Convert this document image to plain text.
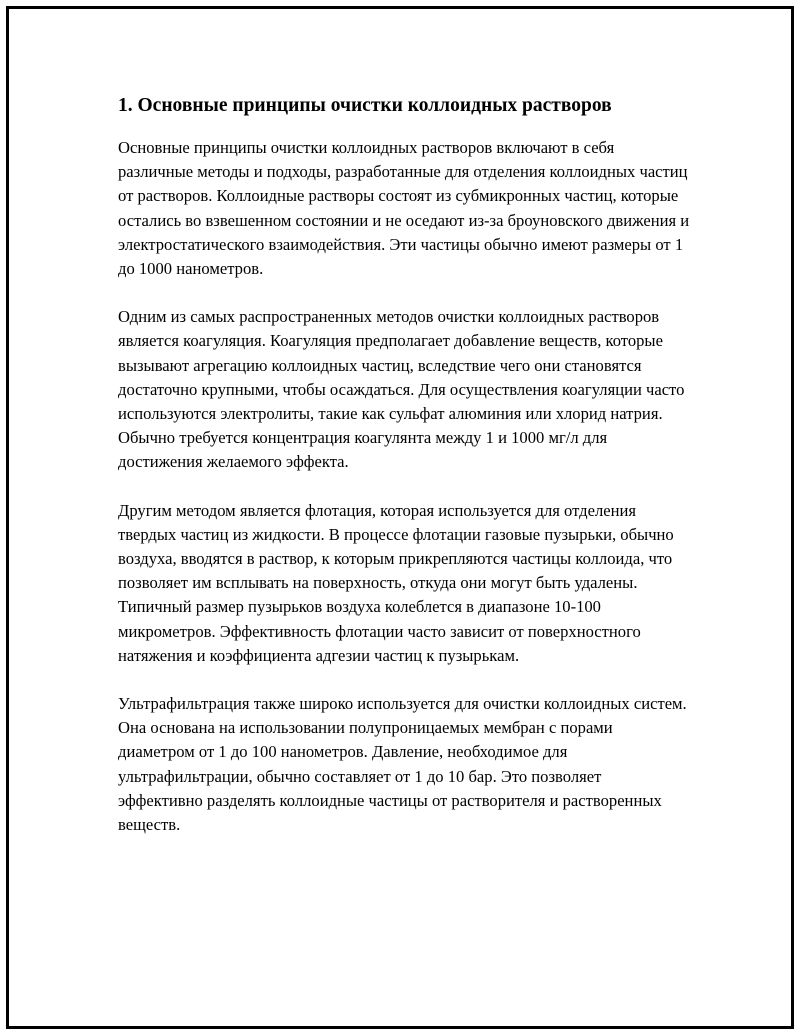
1. Основные принципы очистки коллоидных растворов

Основные принципы очистки коллоидных растворов включают в себя различные методы и подходы, разработанные для отделения коллоидных частиц от растворов. Коллоидные растворы состоят из субмикронных частиц, которые остались во взвешенном состоянии и не оседают из-за броуновского движения и электростатического взаимодействия. Эти частицы обычно имеют размеры от 1 до 1000 нанометров.

Одним из самых распространенных методов очистки коллоидных растворов является коагуляция. Коагуляция предполагает добавление веществ, которые вызывают агрегацию коллоидных частиц, вследствие чего они становятся достаточно крупными, чтобы осаждаться. Для осуществления коагуляции часто используются электролиты, такие как сульфат алюминия или хлорид натрия. Обычно требуется концентрация коагулянта между 1 и 1000 мг/л для достижения желаемого эффекта.

Другим методом является флотация, которая используется для отделения твердых частиц из жидкости. В процессе флотации газовые пузырьки, обычно воздуха, вводятся в раствор, к которым прикрепляются частицы коллоида, что позволяет им всплывать на поверхность, откуда они могут быть удалены. Типичный размер пузырьков воздуха колеблется в диапазоне 10-100 микрометров. Эффективность флотации часто зависит от поверхностного натяжения и коэффициента адгезии частиц к пузырькам.

Ультрафильтрация также широко используется для очистки коллоидных систем. Она основана на использовании полупроницаемых мембран с порами диаметром от 1 до 100 нанометров. Давление, необходимое для ультрафильтрации, обычно составляет от 1 до 10 бар. Это позволяет эффективно разделять коллоидные частицы от растворителя и растворенных веществ.
